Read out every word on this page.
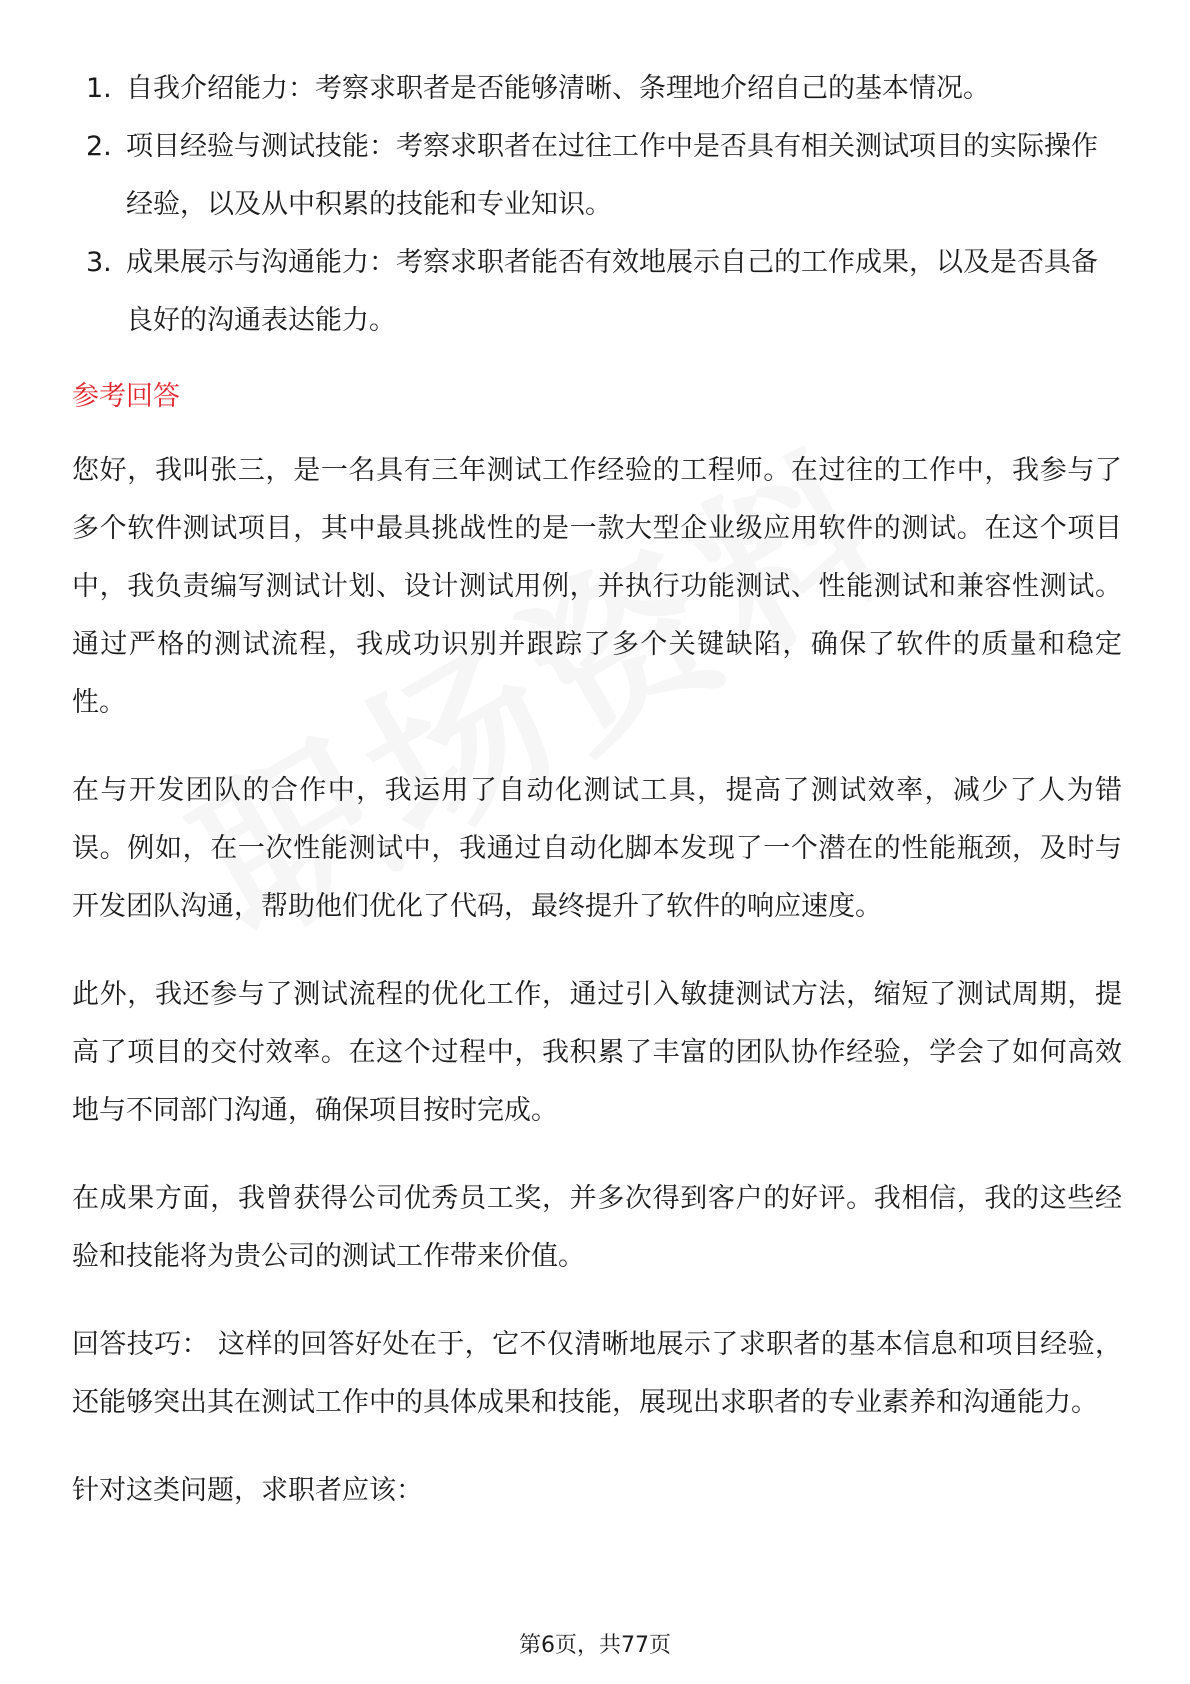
1. 自我介绍能力：考察求职者是否能够清晰、条理地介绍自己的基本情况。
2. 项目经验与测试技能：考察求职者在过往工作中是否具有相关测试项目的实际操作经验，以及从中积累的技能和专业知识。
3. 成果展示与沟通能力：考察求职者能否有效地展示自己的工作成果，以及是否具备良好的沟通表达能力。
参考回答

您好，我叫张三，是一名具有三年测试工作经验的工程师。在过往的工作中，我参与了多个软件测试项目，其中最具挑战性的是一款大型企业级应用软件的测试。在这个项目中，我负责编写测试计划、设计测试用例，并执行功能测试、性能测试和兼容性测试。通过严格的测试流程，我成功识别并跟踪了多个关键缺陷，确保了软件的质量和稳定性。

在与开发团队的合作中，我运用了自动化测试工具，提高了测试效率，减少了人为错误。例如，在一次性能测试中，我通过自动化脚本发现了一个潜在的性能瓶颈，及时与开发团队沟通，帮助他们优化了代码，最终提升了软件的响应速度。

此外，我还参与了测试流程的优化工作，通过引入敏捷测试方法，缩短了测试周期，提高了项目的交付效率。在这个过程中，我积累了丰富的团队协作经验，学会了如何高效地与不同部门沟通，确保项目按时完成。

在成果方面，我曾获得公司优秀员工奖，并多次得到客户的好评。我相信，我的这些经验和技能将为贵公司的测试工作带来价值。

回答技巧： 这样的回答好处在于，它不仅清晰地展示了求职者的基本信息和项目经验，还能够突出其在测试工作中的具体成果和技能，展现出求职者的专业素养和沟通能力。

针对这类问题，求职者应该：

第6页，共77页
